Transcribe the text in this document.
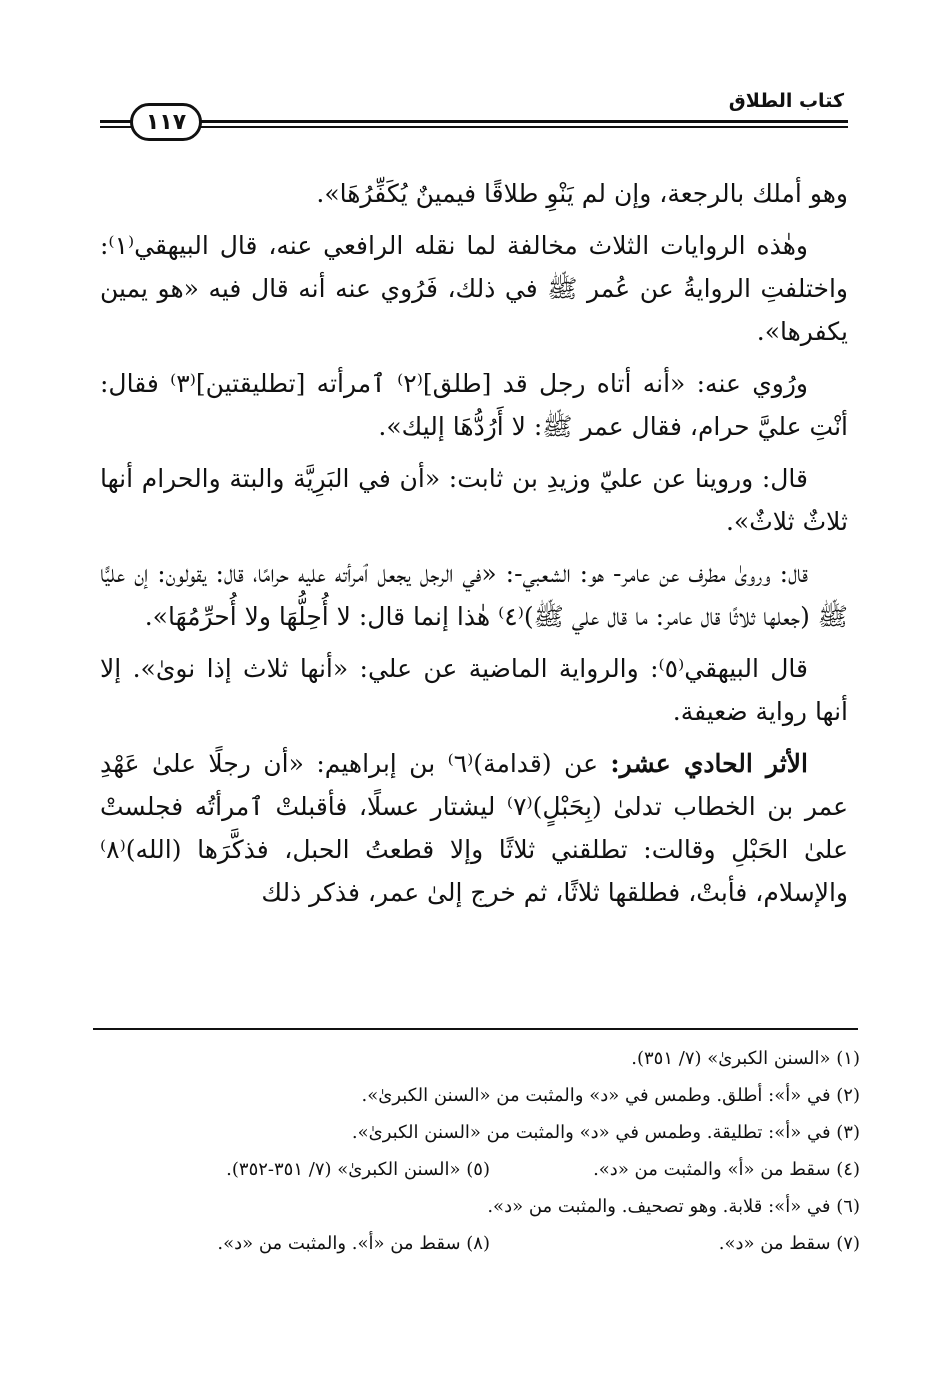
كتاب الطلاق
١١٧

وهو أملك بالرجعة، وإن لم يَنْوِ طلاقًا فيمينٌ يُكَفِّرُهَا».

وهٰذه الروايات الثلاث مخالفة لما نقله الرافعي عنه، قال البيهقي⁽١⁾: واختلفتِ الروايةُ عن عُمر ﷺ في ذلك، فَرُوي عنه أنه قال فيه «هو يمين يكفرها».

ورُوي عنه: «أنه أتاه رجل قد [طلق]⁽٢⁾ ٱمرأته [تطليقتين]⁽٣⁾ فقال: أنْتِ عليَّ حرام، فقال عمر ﷺ: لا أَرُدُّهَا إليك».

قال: وروينا عن عليّ وزيدِ بن ثابت: «أن في البَرِيَّة والبتة والحرام أنها ثلاثٌ ثلاثٌ».

قال: وروىٰ مطرف عن عامر- هو: الشعبي-: «في الرجل يجعل ٱمرأته عليه حرامًا، قال: يقولون: إن عليًّا ﷺ (جعلها ثلاثًا قال عامر: ما قال علي ﷺ)⁽٤⁾ هٰذا إنما قال: لا أُحِلُّهَا ولا أُحرِّمُهَا».

قال البيهقي⁽٥⁾: والرواية الماضية عن علي: «أنها ثلاث إذا نوىٰ». إلا أنها رواية ضعيفة.

الأثر الحادي عشر: عن (قدامة)⁽٦⁾ بن إبراهيم: «أن رجلًا علىٰ عَهْدِ عمر بن الخطاب تدلىٰ (بِحَبْلٍ)⁽٧⁾ ليشتار عسلًا، فأقبلتْ ٱمرأتُه فجلستْ علىٰ الحَبْلِ وقالت: تطلقني ثلاثًا وإلا قطعتُ الحبل، فذكَّرَها (الله)⁽٨⁾ والإسلام، فأبتْ، فطلقها ثلاثًا، ثم خرج إلىٰ عمر، فذكر ذلك

(١) «السنن الكبرىٰ» (٧/ ٣٥١).
(٢) في «أ»: أطلق. وطمس في «د» والمثبت من «السنن الكبرىٰ».
(٣) في «أ»: تطليقة. وطمس في «د» والمثبت من «السنن الكبرىٰ».
(٤) سقط من «أ» والمثبت من «د».
(٥) «السنن الكبرىٰ» (٧/ ٣٥١-٣٥٢).
(٦) في «أ»: قلابة. وهو تصحيف. والمثبت من «د».
(٧) سقط من «د».
(٨) سقط من «أ». والمثبت من «د».
